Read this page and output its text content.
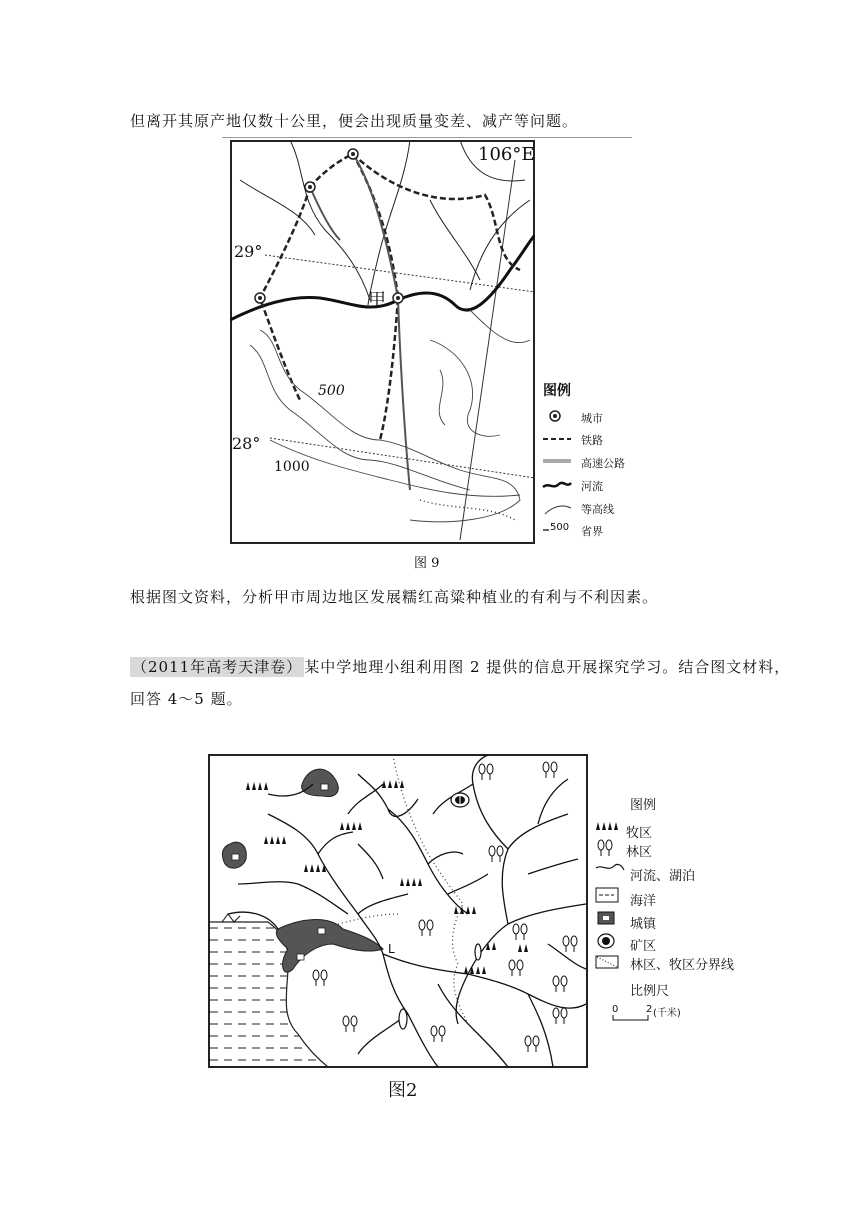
但离开其原产地仅数十公里，便会出现质量变差、减产等问题。
106°E
29°
28°
甲
500
1000
图例
城市
铁路
高速公路
河流
等高线
500 省界
图 9
根据图文资料，分析甲市周边地区发展糯红高粱种植业的有利与不利因素。
（2011年高考天津卷） 某中学地理小组利用图 2 提供的信息开展探究学习。结合图文材料，
回答 4～5 题。
L
图例
牧区
林区
河流、湖泊
海洋
城镇
矿区
林区、牧区分界线
比例尺
0	2 (千米)
图2
